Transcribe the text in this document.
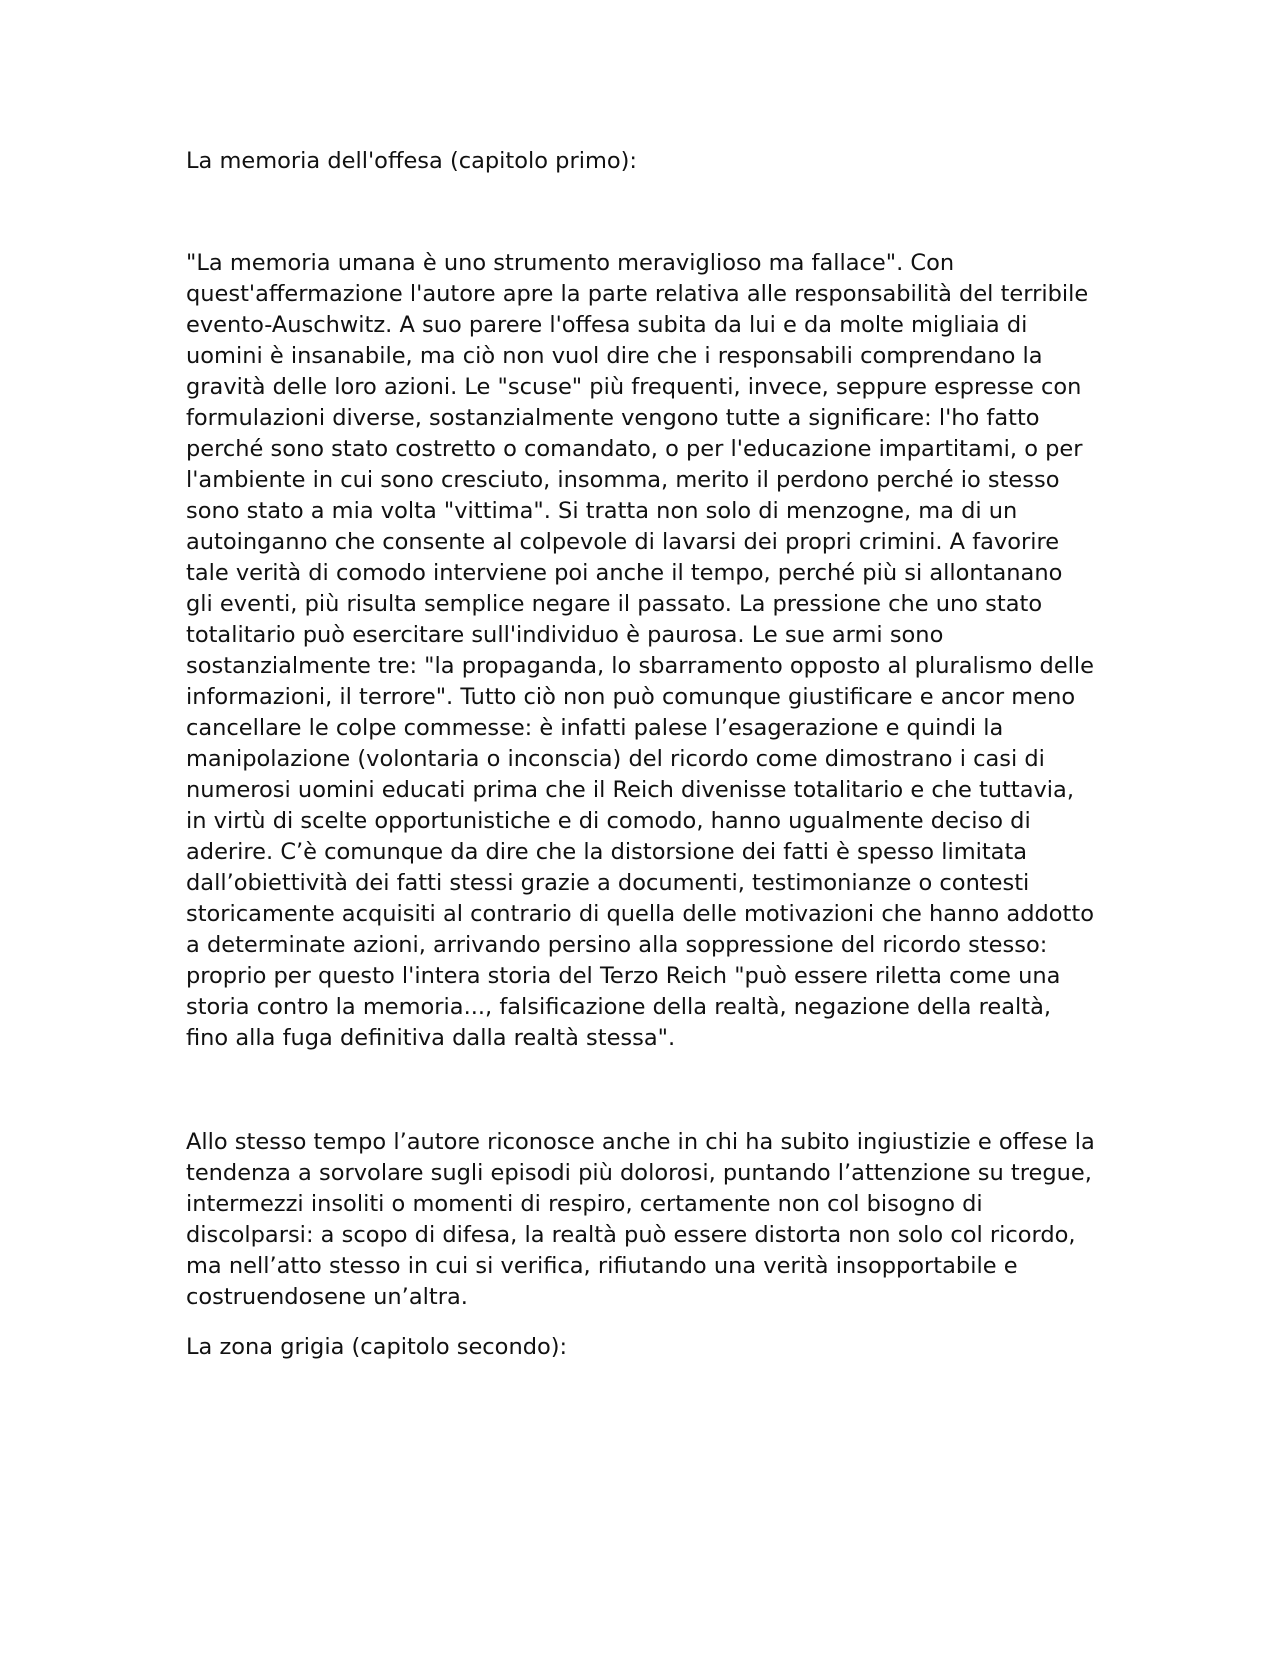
La memoria dell'offesa (capitolo primo):

"La memoria umana è uno strumento meraviglioso ma fallace". Con quest'affermazione l'autore apre la parte relativa alle responsabilità del terribile evento-Auschwitz. A suo parere l'offesa subita da lui e da molte migliaia di uomini è insanabile, ma ciò non vuol dire che i responsabili comprendano la gravità delle loro azioni. Le "scuse" più frequenti, invece, seppure espresse con formulazioni diverse, sostanzialmente vengono tutte a significare: l'ho fatto perché sono stato costretto o comandato, o per l'educazione impartitami, o per l'ambiente in cui sono cresciuto, insomma, merito il perdono perché io stesso sono stato a mia volta "vittima". Si tratta non solo di menzogne, ma di un autoinganno che consente al colpevole di lavarsi dei propri crimini. A favorire tale verità di comodo interviene poi anche il tempo, perché più si allontanano gli eventi, più risulta semplice negare il passato. La pressione che uno stato totalitario può esercitare sull'individuo è paurosa. Le sue armi sono sostanzialmente tre: "la propaganda, lo sbarramento opposto al pluralismo delle informazioni, il terrore". Tutto ciò non può comunque giustificare e ancor meno cancellare le colpe commesse: è infatti palese l’esagerazione e quindi la manipolazione (volontaria o inconscia) del ricordo come dimostrano i casi di numerosi uomini educati prima che il Reich divenisse totalitario e che tuttavia, in virtù di scelte opportunistiche e di comodo, hanno ugualmente deciso di aderire. C’è comunque da dire che la distorsione dei fatti è spesso limitata dall’obiettività dei fatti stessi grazie a documenti, testimonianze o contesti storicamente acquisiti al contrario di quella delle motivazioni che hanno addotto a determinate azioni, arrivando persino alla soppressione del ricordo stesso: proprio per questo l'intera storia del Terzo Reich "può essere riletta come una storia contro la memoria..., falsificazione della realtà, negazione della realtà, fino alla fuga definitiva dalla realtà stessa".

Allo stesso tempo l’autore riconosce anche in chi ha subito ingiustizie e offese la tendenza a sorvolare sugli episodi più dolorosi, puntando l’attenzione su tregue, intermezzi insoliti o momenti di respiro, certamente non col bisogno di discolparsi: a scopo di difesa, la realtà può essere distorta non solo col ricordo, ma nell’atto stesso in cui si verifica, rifiutando una verità insopportabile e costruendosene un’altra.

La zona grigia (capitolo secondo):
